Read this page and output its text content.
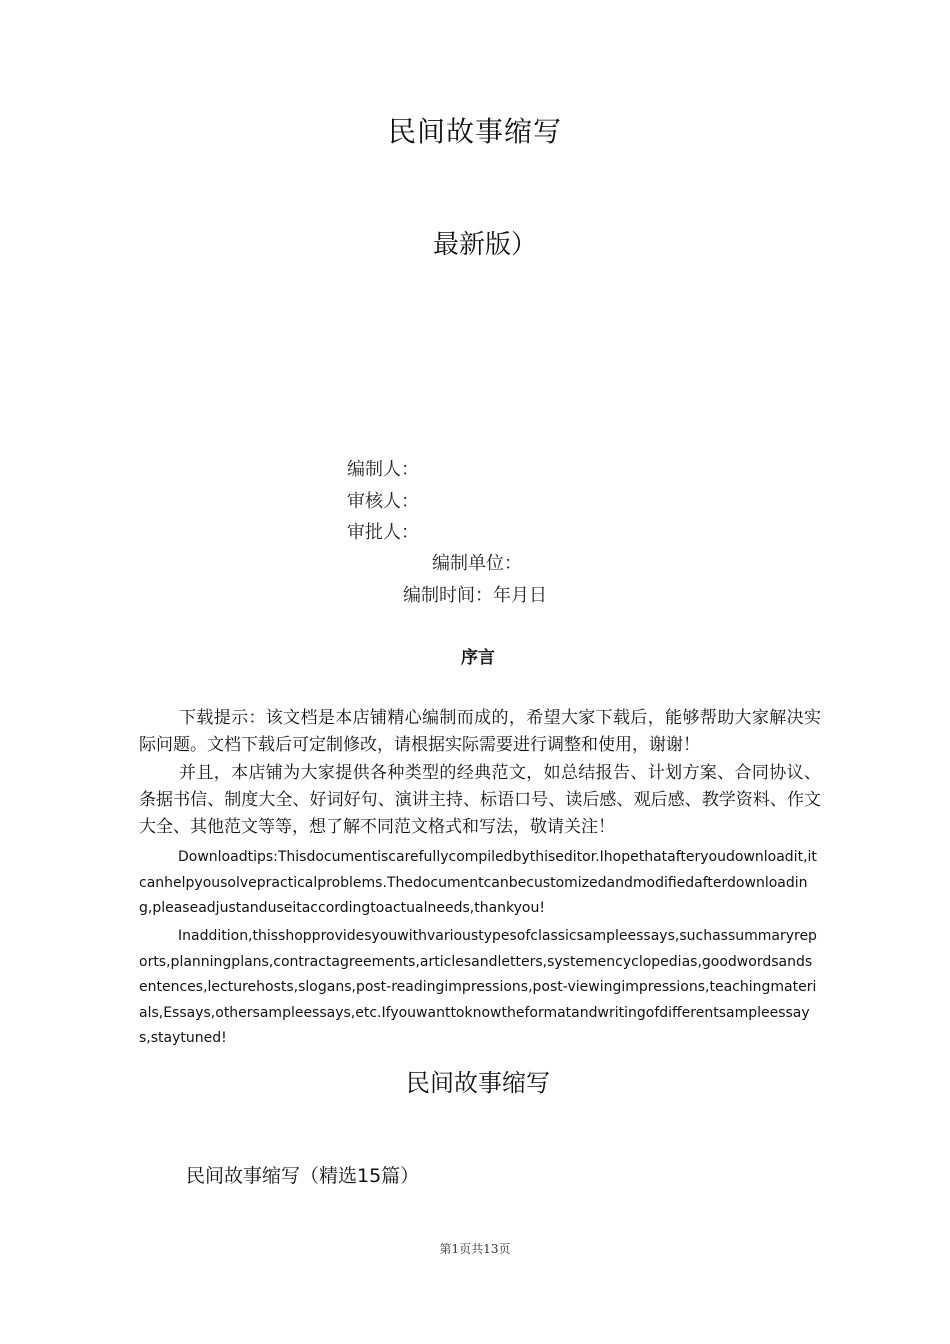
民间故事缩写
最新版）
编制人：
审核人：
审批人：
编制单位：
编制时间：年月日
序言
下载提示：该文档是本店铺精心编制而成的，希望大家下载后，能够帮助大家解决实际问题。文档下载后可定制修改，请根据实际需要进行调整和使用，谢谢！
并且，本店铺为大家提供各种类型的经典范文，如总结报告、计划方案、合同协议、条据书信、制度大全、好词好句、演讲主持、标语口号、读后感、观后感、教学资料、作文大全、其他范文等等，想了解不同范文格式和写法，敬请关注！
Downloadtips:Thisdocumentiscarefullycompiledbythiseditor.Ihopethatafteryoudownloadit,itcanhelpyousolvepracticalproblems.Thedocumentcanbecustomizedandmodifiedafterdownloading,pleaseadjustanduseitaccordingtoactualneeds,thankyou!
Inaddition,thisshopprovidesyouwithvarioustypesofclassicsampleessays,suchassummaryreports,planningplans,contractagreements,articlesandletters,systemencyclopedias,goodwordsandsentences,lecturehosts,slogans,post-readingimpressions,post-viewingimpressions,teachingmaterials,Essays,othersampleessays,etc.Ifyouwanttoknowtheformatandwritingofdifferentsampleessays,staytuned!
民间故事缩写
民间故事缩写（精选15篇）
第1页共13页
